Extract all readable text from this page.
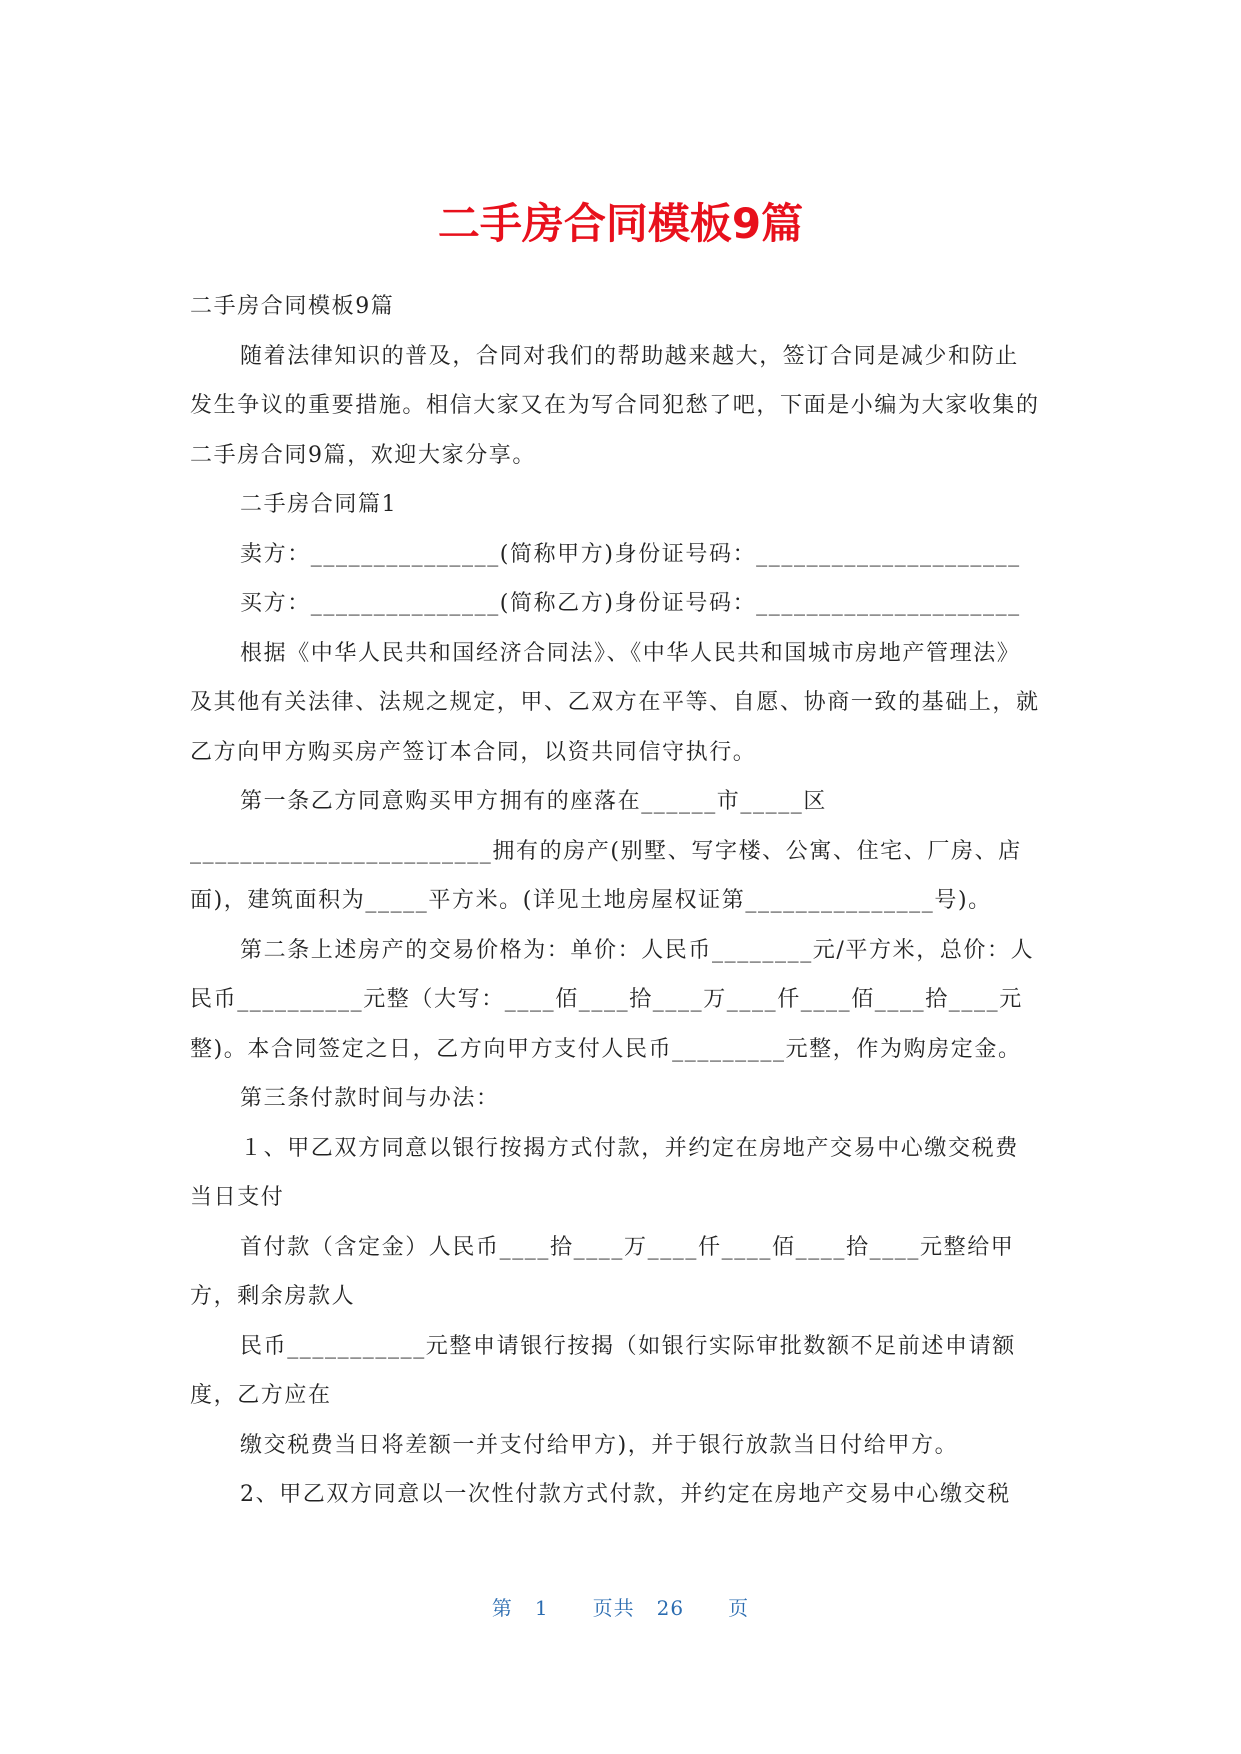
二手房合同模板9篇

二手房合同模板9篇

随着法律知识的普及，合同对我们的帮助越来越大，签订合同是减少和防止发生争议的重要措施。相信大家又在为写合同犯愁了吧，下面是小编为大家收集的二手房合同9篇，欢迎大家分享。

二手房合同篇1

卖方：_______________(简称甲方)身份证号码：_____________________

买方：_______________(简称乙方)身份证号码：_____________________

根据《中华人民共和国经济合同法》、《中华人民共和国城市房地产管理法》及其他有关法律、法规之规定，甲、乙双方在平等、自愿、协商一致的基础上，就乙方向甲方购买房产签订本合同，以资共同信守执行。

第一条乙方同意购买甲方拥有的座落在______市_____区________________________拥有的房产(别墅、写字楼、公寓、住宅、厂房、店面)，建筑面积为_____平方米。(详见土地房屋权证第_______________号)。

第二条上述房产的交易价格为：单价：人民币________元/平方米，总价：人民币__________元整（大写：____佰____拾____万____仟____佰____拾____元整)。本合同签定之日，乙方向甲方支付人民币_________元整，作为购房定金。

第三条付款时间与办法：

１、甲乙双方同意以银行按揭方式付款，并约定在房地产交易中心缴交税费当日支付

首付款（含定金）人民币____拾____万____仟____佰____拾____元整给甲方，剩余房款人

民币___________元整申请银行按揭（如银行实际审批数额不足前述申请额度，乙方应在

缴交税费当日将差额一并支付给甲方)，并于银行放款当日付给甲方。

2、甲乙双方同意以一次性付款方式付款，并约定在房地产交易中心缴交税

第 1 页共 26 页
